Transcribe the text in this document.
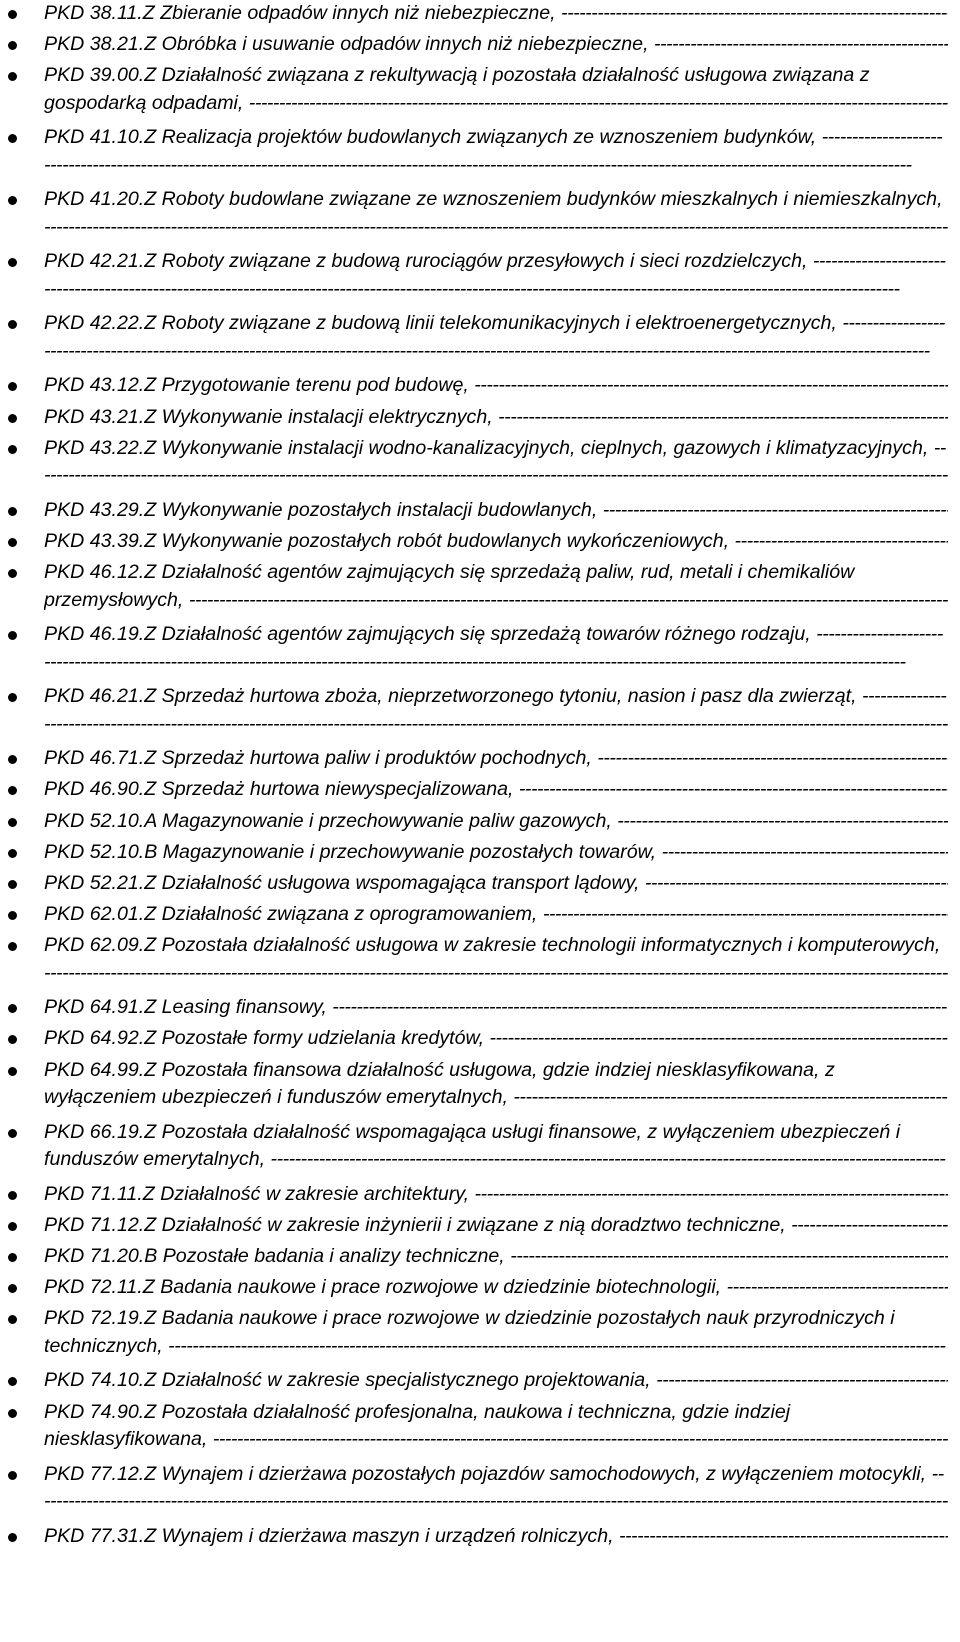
PKD 38.11.Z Zbieranie odpadów innych niż niebezpieczne, -----
PKD 38.21.Z Obróbka i usuwanie odpadów innych niż niebezpieczne, -----
PKD 39.00.Z Działalność związana z rekultywacją i pozostała działalność usługowa związana z gospodarką odpadami, -----
PKD 41.10.Z Realizacja projektów budowlanych związanych ze wznoszeniem budynków, -----
PKD 41.20.Z Roboty budowlane związane ze wznoszeniem budynków mieszkalnych i niemieszkalnych, -----
PKD 42.21.Z Roboty związane z budową rurociągów przesyłowych i sieci rozdzielczych, -----
PKD 42.22.Z Roboty związane z budową linii telekomunikacyjnych i elektroenergetycznych, -----
PKD 43.12.Z Przygotowanie terenu pod budowę, -----
PKD 43.21.Z Wykonywanie instalacji elektrycznych, -----
PKD 43.22.Z Wykonywanie instalacji wodno-kanalizacyjnych, cieplnych, gazowych i klimatyzacyjnych, -----
PKD 43.29.Z Wykonywanie pozostałych instalacji budowlanych, -----
PKD 43.39.Z Wykonywanie pozostałych robót budowlanych wykończeniowych, -----
PKD 46.12.Z Działalność agentów zajmujących się sprzedażą paliw, rud, metali i chemikaliów przemysłowych, -----
PKD 46.19.Z Działalność agentów zajmujących się sprzedażą towarów różnego rodzaju, -----
PKD 46.21.Z Sprzedaż hurtowa zboża, nieprzetworzonego tytoniu, nasion i pasz dla zwierząt, -----
PKD 46.71.Z Sprzedaż hurtowa paliw i produktów pochodnych, -----
PKD 46.90.Z Sprzedaż hurtowa niewyspecjalizowana, -----
PKD 52.10.A Magazynowanie i przechowywanie paliw gazowych, -----
PKD 52.10.B Magazynowanie i przechowywanie pozostałych towarów, -----
PKD 52.21.Z Działalność usługowa wspomagająca transport lądowy, -----
PKD 62.01.Z Działalność związana z oprogramowaniem, -----
PKD 62.09.Z Pozostała działalność usługowa w zakresie technologii informatycznych i komputerowych, -----
PKD 64.91.Z Leasing finansowy, -----
PKD 64.92.Z Pozostałe formy udzielania kredytów, -----
PKD 64.99.Z Pozostała finansowa działalność usługowa, gdzie indziej niesklasyfikowana, z wyłączeniem ubezpieczeń i funduszów emerytalnych, -----
PKD 66.19.Z Pozostała działalność wspomagająca usługi finansowe, z wyłączeniem ubezpieczeń i funduszów emerytalnych, -----
PKD 71.11.Z Działalność w zakresie architektury, -----
PKD 71.12.Z Działalność w zakresie inżynierii i związane z nią doradztwo techniczne, -----
PKD 71.20.B Pozostałe badania i analizy techniczne, -----
PKD 72.11.Z Badania naukowe i prace rozwojowe w dziedzinie biotechnologii, -----
PKD 72.19.Z Badania naukowe i prace rozwojowe w dziedzinie pozostałych nauk przyrodniczych i technicznych, -----
PKD 74.10.Z Działalność w zakresie specjalistycznego projektowania, -----
PKD 74.90.Z Pozostała działalność profesjonalna, naukowa i techniczna, gdzie indziej niesklasyfikowana, -----
PKD 77.12.Z Wynajem i dzierżawa pozostałych pojazdów samochodowych, z wyłączeniem motocykli, -----
PKD 77.31.Z Wynajem i dzierżawa maszyn i urządzeń rolniczych, -----
